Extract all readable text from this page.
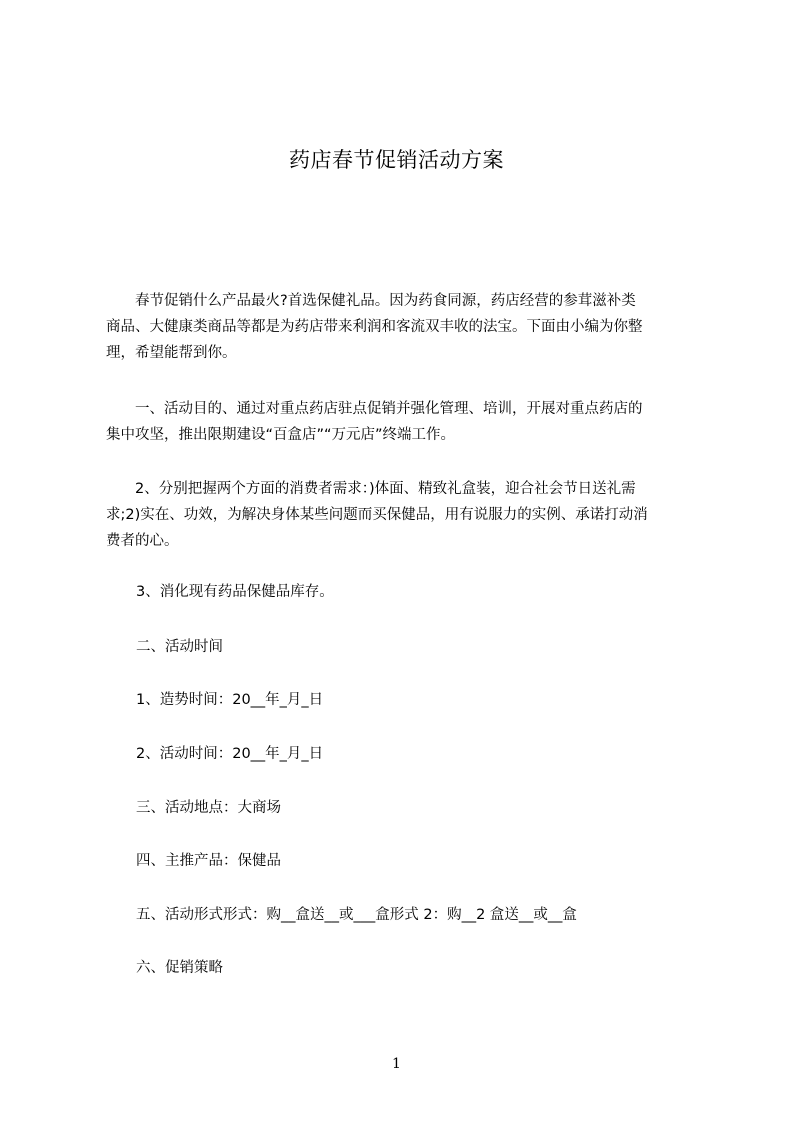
药店春节促销活动方案
　　春节促销什么产品最火?首选保健礼品。因为药食同源，药店经营的参茸滋补类
商品、大健康类商品等都是为药店带来利润和客流双丰收的法宝。下面由小编为你整
理，希望能帮到你。
　　一、活动目的、通过对重点药店驻点促销并强化管理、培训，开展对重点药店的
集中攻坚，推出限期建设“百盒店”“万元店”终端工作。
　　2、分别把握两个方面的消费者需求：)体面、精致礼盒装，迎合社会节日送礼需
求;2)实在、功效，为解决身体某些问题而买保健品，用有说服力的实例、承诺打动消
费者的心。
3、消化现有药品保健品库存。
二、活动时间
1、造势时间：20__年_月_日
2、活动时间：20__年_月_日
三、活动地点：大商场
四、主推产品：保健品
五、活动形式形式：购__盒送__或___盒形式 2：购__2 盒送__或__盒
六、促销策略
1
